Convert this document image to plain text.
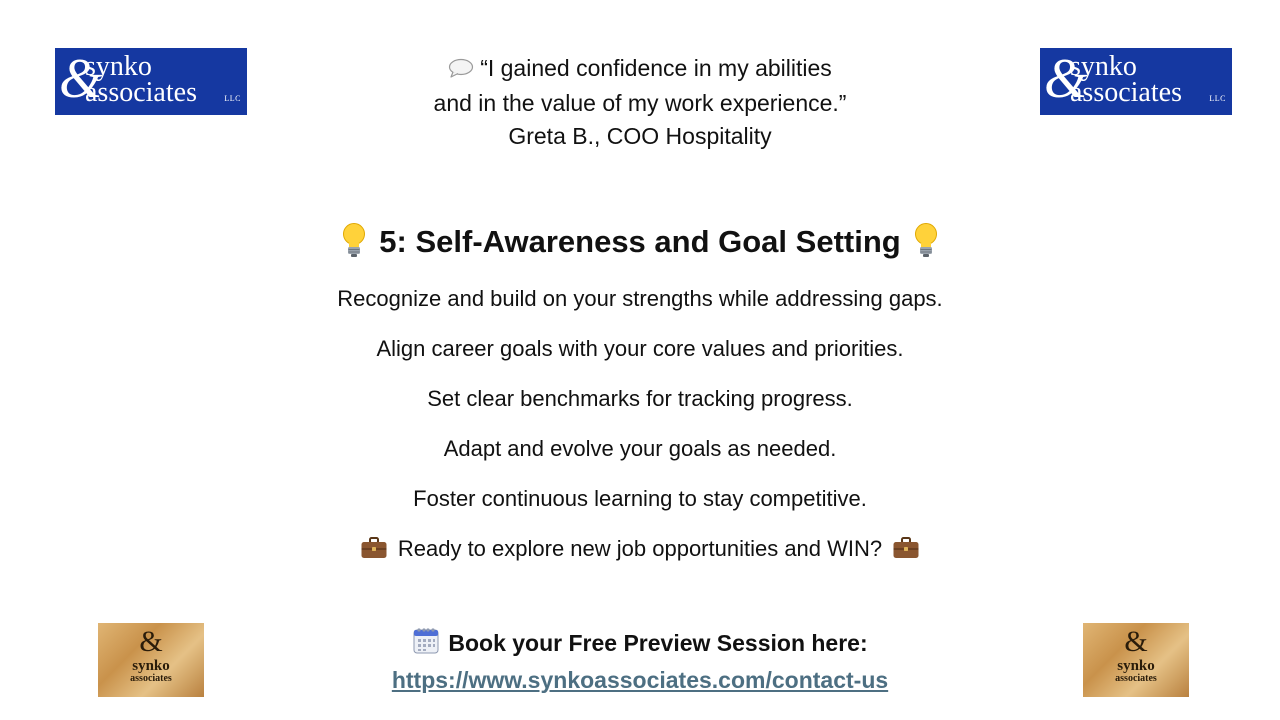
&
synko
associates	LLC	&
synko
associates	LLC
“I gained confidence in my abilities
and in the value of my work experience.”
Greta B., COO Hospitality
5: Self-Awareness and Goal Setting
Recognize and build on your strengths while addressing gaps.
Align career goals with your core values and priorities.
Set clear benchmarks for tracking progress.
Adapt and evolve your goals as needed.
Foster continuous learning to stay competitive.
Ready to explore new job opportunities and WIN?
Book your Free Preview Session here:
https://www.synkoassociates.com/contact-us
&
synko
associates
&
synko
associates
